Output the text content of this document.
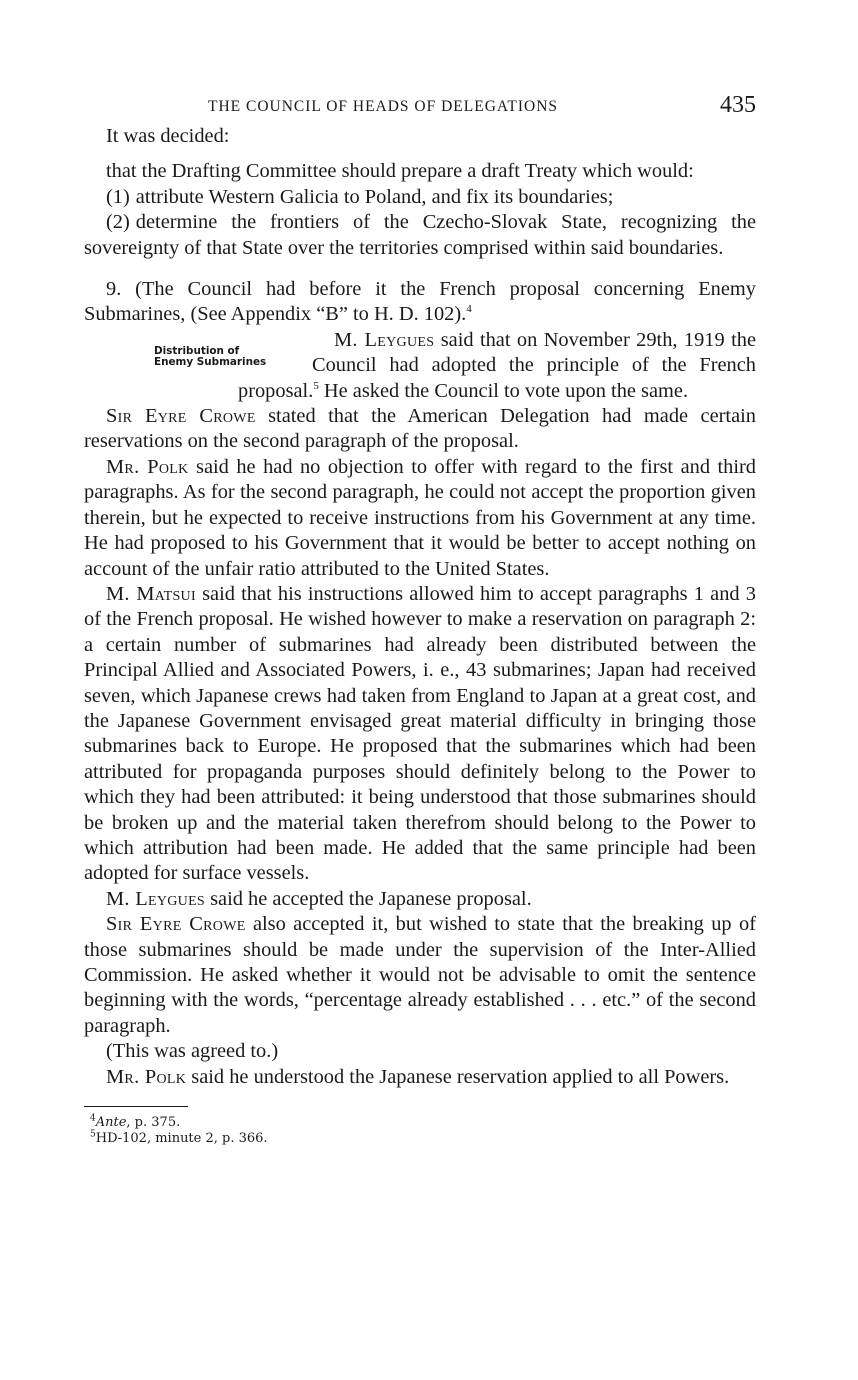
THE COUNCIL OF HEADS OF DELEGATIONS	435

It was decided:

that the Drafting Committee should prepare a draft Treaty which would:

(1) attribute Western Galicia to Poland, and fix its boundaries;

(2) determine the frontiers of the Czecho-Slovak State, recognizing the sovereignty of that State over the territories comprised within said boundaries.

9. (The Council had before it the French proposal concerning Enemy Submarines, (See Appendix “B” to H. D. 102).$^4$

Distribution of
Enemy Submarines

M. Leygues said that on November 29th, 1919 the Council had adopted the principle of the French proposal.$^5$ He asked the Council to vote upon the same.

Sir Eyre Crowe stated that the American Delegation had made certain reservations on the second paragraph of the proposal.

Mr. Polk said he had no objection to offer with regard to the first and third paragraphs. As for the second paragraph, he could not accept the proportion given therein, but he expected to receive instructions from his Government at any time. He had proposed to his Government that it would be better to accept nothing on account of the unfair ratio attributed to the United States.

M. Matsui said that his instructions allowed him to accept paragraphs 1 and 3 of the French proposal. He wished however to make a reservation on paragraph 2: a certain number of submarines had already been distributed between the Principal Allied and Associated Powers, i. e., 43 submarines; Japan had received seven, which Japanese crews had taken from England to Japan at a great cost, and the Japanese Government envisaged great material difficulty in bringing those submarines back to Europe. He proposed that the submarines which had been attributed for propaganda purposes should definitely belong to the Power to which they had been attributed: it being understood that those submarines should be broken up and the material taken therefrom should belong to the Power to which attribution had been made. He added that the same principle had been adopted for surface vessels.

M. Leygues said he accepted the Japanese proposal.

Sir Eyre Crowe also accepted it, but wished to state that the breaking up of those submarines should be made under the supervision of the Inter-Allied Commission. He asked whether it would not be advisable to omit the sentence beginning with the words, “percentage already established . . . etc.” of the second paragraph.

(This was agreed to.)

Mr. Polk said he understood the Japanese reservation applied to all Powers.

$^4$Ante, p. 375.
$^5$HD-102, minute 2, p. 366.
